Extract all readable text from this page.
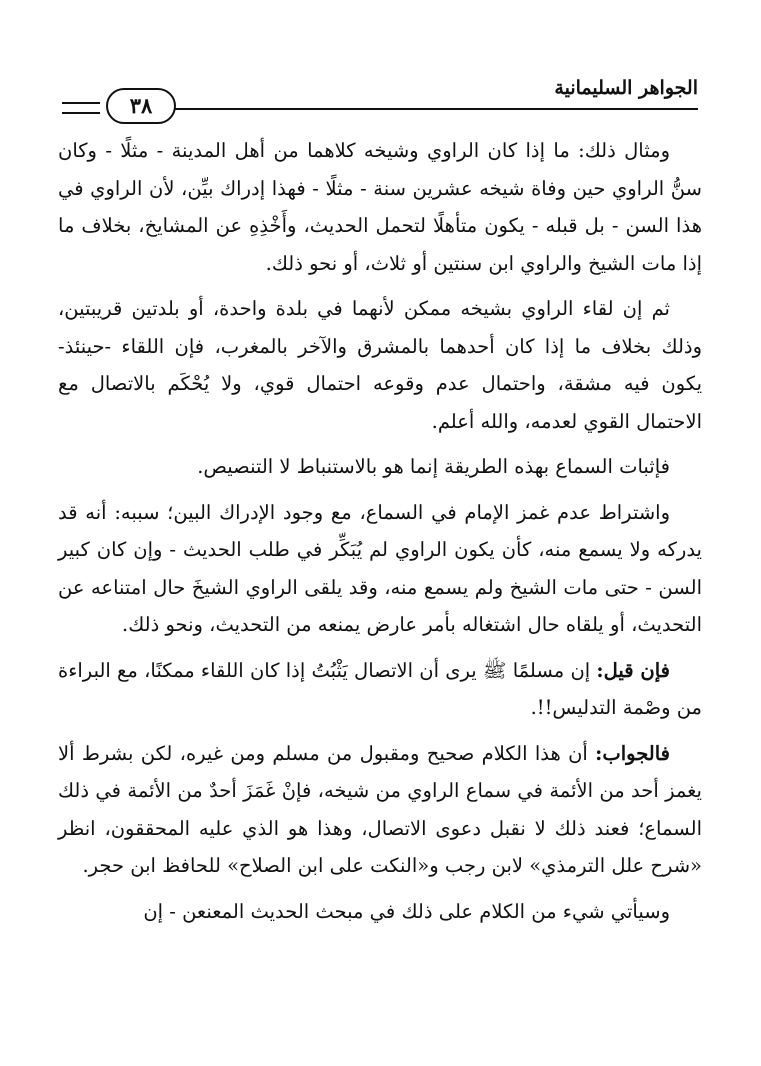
الجواهر السليمانية
٣٨

ومثال ذلك: ما إذا كان الراوي وشيخه كلاهما من أهل المدينة - مثلًا - وكان سنُّ الراوي حين وفاة شيخه عشرين سنة - مثلًا - فهذا إدراك بيِّن، لأن الراوي في هذا السن - بل قبله - يكون متأهلًا لتحمل الحديث، وأَخْذِهِ عن المشايخ، بخلاف ما إذا مات الشيخ والراوي ابن سنتين أو ثلاث، أو نحو ذلك.

ثم إن لقاء الراوي بشيخه ممكن لأنهما في بلدة واحدة، أو بلدتين قريبتين، وذلك بخلاف ما إذا كان أحدهما بالمشرق والآخر بالمغرب، فإن اللقاء -حينئذ- يكون فيه مشقة، واحتمال عدم وقوعه احتمال قوي، ولا يُحْكَم بالاتصال مع الاحتمال القوي لعدمه، والله أعلم.

فإثبات السماع بهذه الطريقة إنما هو بالاستنباط لا التنصيص.

واشتراط عدم غمز الإمام في السماع، مع وجود الإدراك البين؛ سببه: أنه قد يدركه ولا يسمع منه، كأن يكون الراوي لم يُبَكِّر في طلب الحديث - وإن كان كبير السن - حتى مات الشيخ ولم يسمع منه، وقد يلقى الراوي الشيخَ حال امتناعه عن التحديث، أو يلقاه حال اشتغاله بأمر عارض يمنعه من التحديث، ونحو ذلك.

فإن قيل: إن مسلمًا ﷺ يرى أن الاتصال يَثْبُتُ إذا كان اللقاء ممكنًا، مع البراءة من وصْمة التدليس!!.

فالجواب: أن هذا الكلام صحيح ومقبول من مسلم ومن غيره، لكن بشرط ألا يغمز أحد من الأئمة في سماع الراوي من شيخه، فإنْ غَمَزَ أحدٌ من الأئمة في ذلك السماع؛ فعند ذلك لا نقبل دعوى الاتصال، وهذا هو الذي عليه المحققون، انظر «شرح علل الترمذي» لابن رجب و«النكت على ابن الصلاح» للحافظ ابن حجر.

وسيأتي شيء من الكلام على ذلك في مبحث الحديث المعنعن - إن
